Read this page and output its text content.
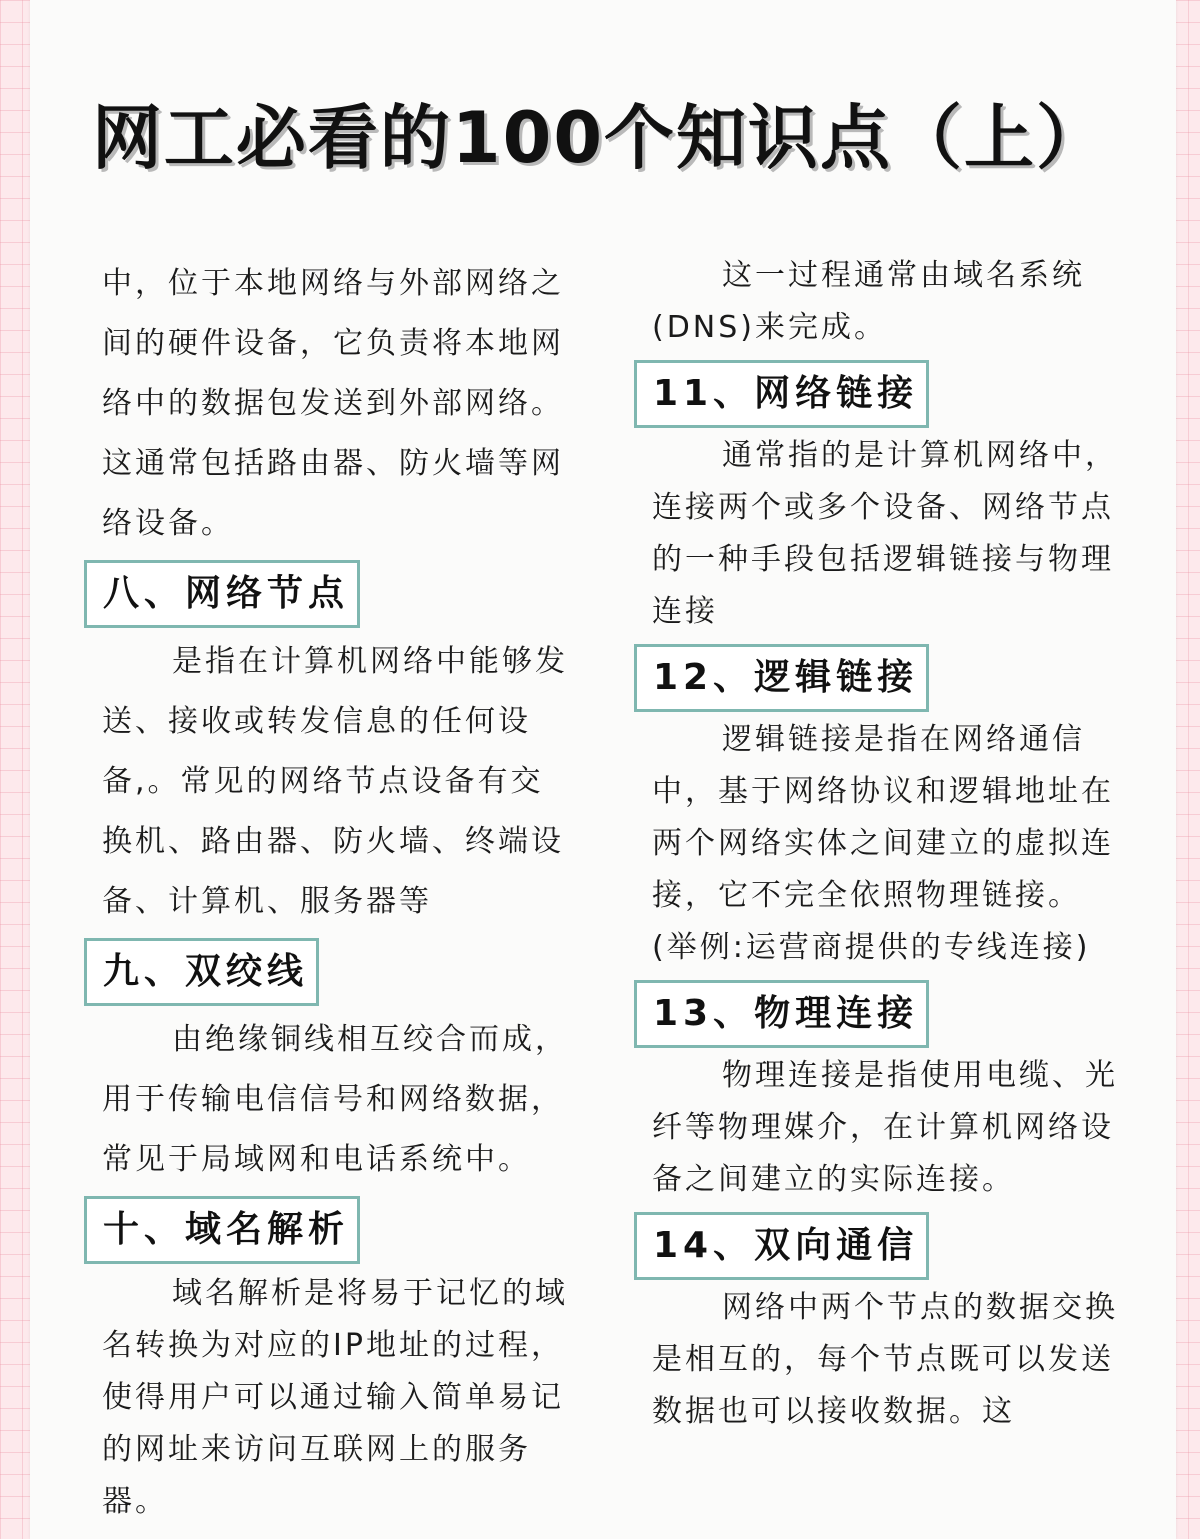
网工必看的100个知识点（上）

中，位于本地网络与外部网络之间的硬件设备，它负责将本地网络中的数据包发送到外部网络。这通常包括路由器、防火墙等网络设备。

八、网络节点

是指在计算机网络中能够发送、接收或转发信息的任何设备,。常见的网络节点设备有交换机、路由器、防火墙、终端设备、计算机、服务器等

九、双绞线

由绝缘铜线相互绞合而成，用于传输电信信号和网络数据，常见于局域网和电话系统中。

十、域名解析

域名解析是将易于记忆的域名转换为对应的IP地址的过程，使得用户可以通过输入简单易记的网址来访问互联网上的服务器。

这一过程通常由域名系统(DNS)来完成。

11、网络链接

通常指的是计算机网络中，连接两个或多个设备、网络节点的一种手段包括逻辑链接与物理连接

12、逻辑链接

逻辑链接是指在网络通信中，基于网络协议和逻辑地址在两个网络实体之间建立的虚拟连接，它不完全依照物理链接。(举例:运营商提供的专线连接)

13、物理连接

物理连接是指使用电缆、光纤等物理媒介，在计算机网络设备之间建立的实际连接。

14、双向通信

网络中两个节点的数据交换是相互的，每个节点既可以发送数据也可以接收数据。这
